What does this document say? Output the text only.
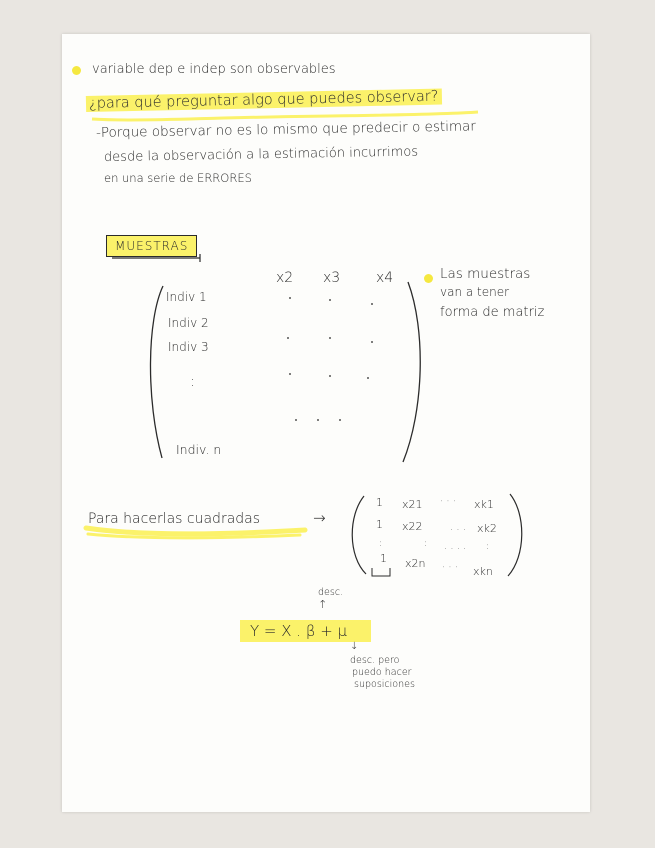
variable dep e indep son observables
¿para qué preguntar algo que puedes observar?
-Porque observar no es lo mismo que predecir o estimar
desde la observación a la estimación incurrimos
en una serie de ERRORES
MUESTRAS
x2 x3	x4
Indiv 1
Indiv 2
Indiv 3
:
Indiv. n
Las muestras
van a tener
forma de matriz
Para hacerlas cuadradas	→
1
1
:
1
x21
x22
:
x2n
· · ·
. . .
. . . .
· · ·
xk1
xk2
:
xkn
desc.
↑
Y = X . β + μ
↓
desc. pero
puedo hacer
suposiciones
